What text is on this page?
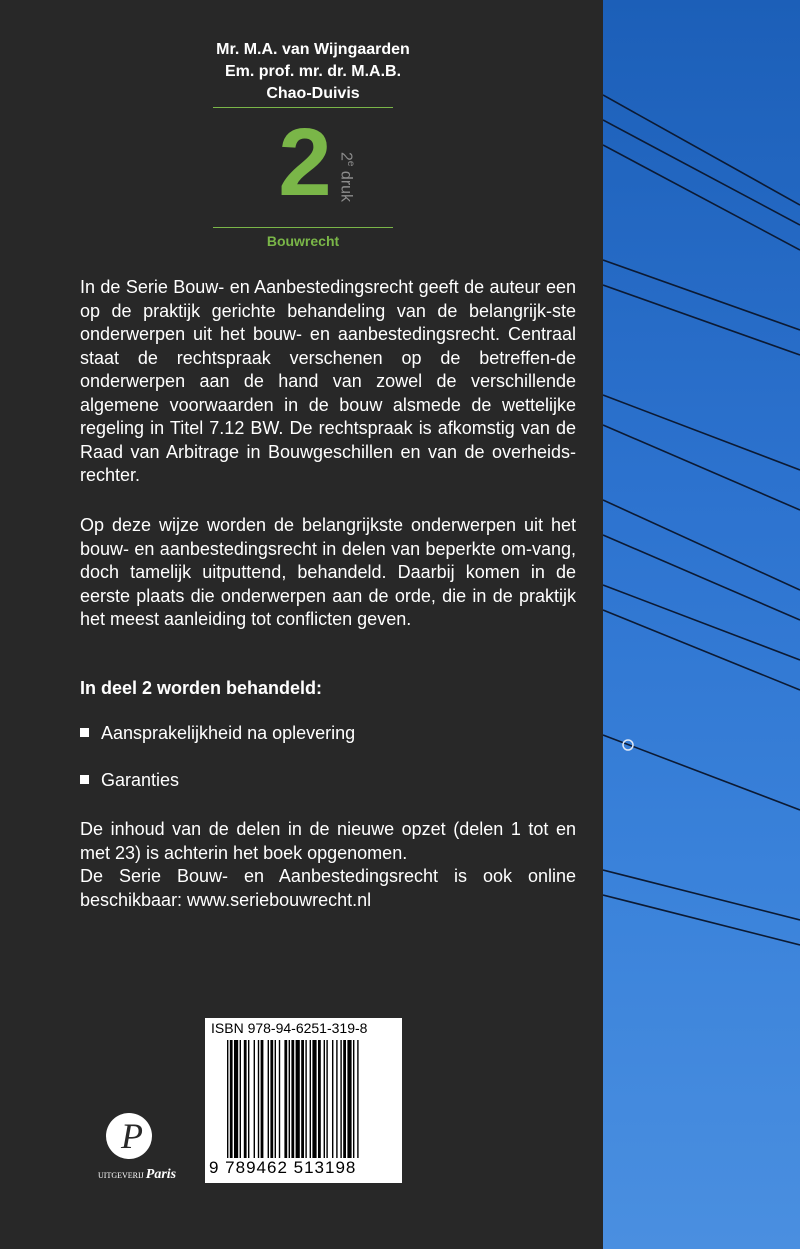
Mr. M.A. van Wijngaarden
Em. prof. mr. dr. M.A.B.
Chao-Duivis
2 2e druk
Bouwrecht
In de Serie Bouw- en Aanbestedingsrecht geeft de auteur een op de praktijk gerichte behandeling van de belangrijk-ste onderwerpen uit het bouw- en aanbestedingsrecht. Centraal staat de rechtspraak verschenen op de betreffen-de onderwerpen aan de hand van zowel de verschillende algemene voorwaarden in de bouw alsmede de wettelijke regeling in Titel 7.12 BW. De rechtspraak is afkomstig van de Raad van Arbitrage in Bouwgeschillen en van de overheids-rechter.
Op deze wijze worden de belangrijkste onderwerpen uit het bouw- en aanbestedingsrecht in delen van beperkte om-vang, doch tamelijk uitputtend, behandeld. Daarbij komen in de eerste plaats die onderwerpen aan de orde, die in de praktijk het meest aanleiding tot conflicten geven.
In deel 2 worden behandeld:
Aansprakelijkheid na oplevering
Garanties
De inhoud van de delen in de nieuwe opzet (delen 1 tot en met 23) is achterin het boek opgenomen.
De Serie Bouw- en Aanbestedingsrecht is ook online beschikbaar: www.seriebouwrecht.nl
ISBN 978-94-6251-319-8
9 789462 513198
P
UITGEVERIJ Paris
